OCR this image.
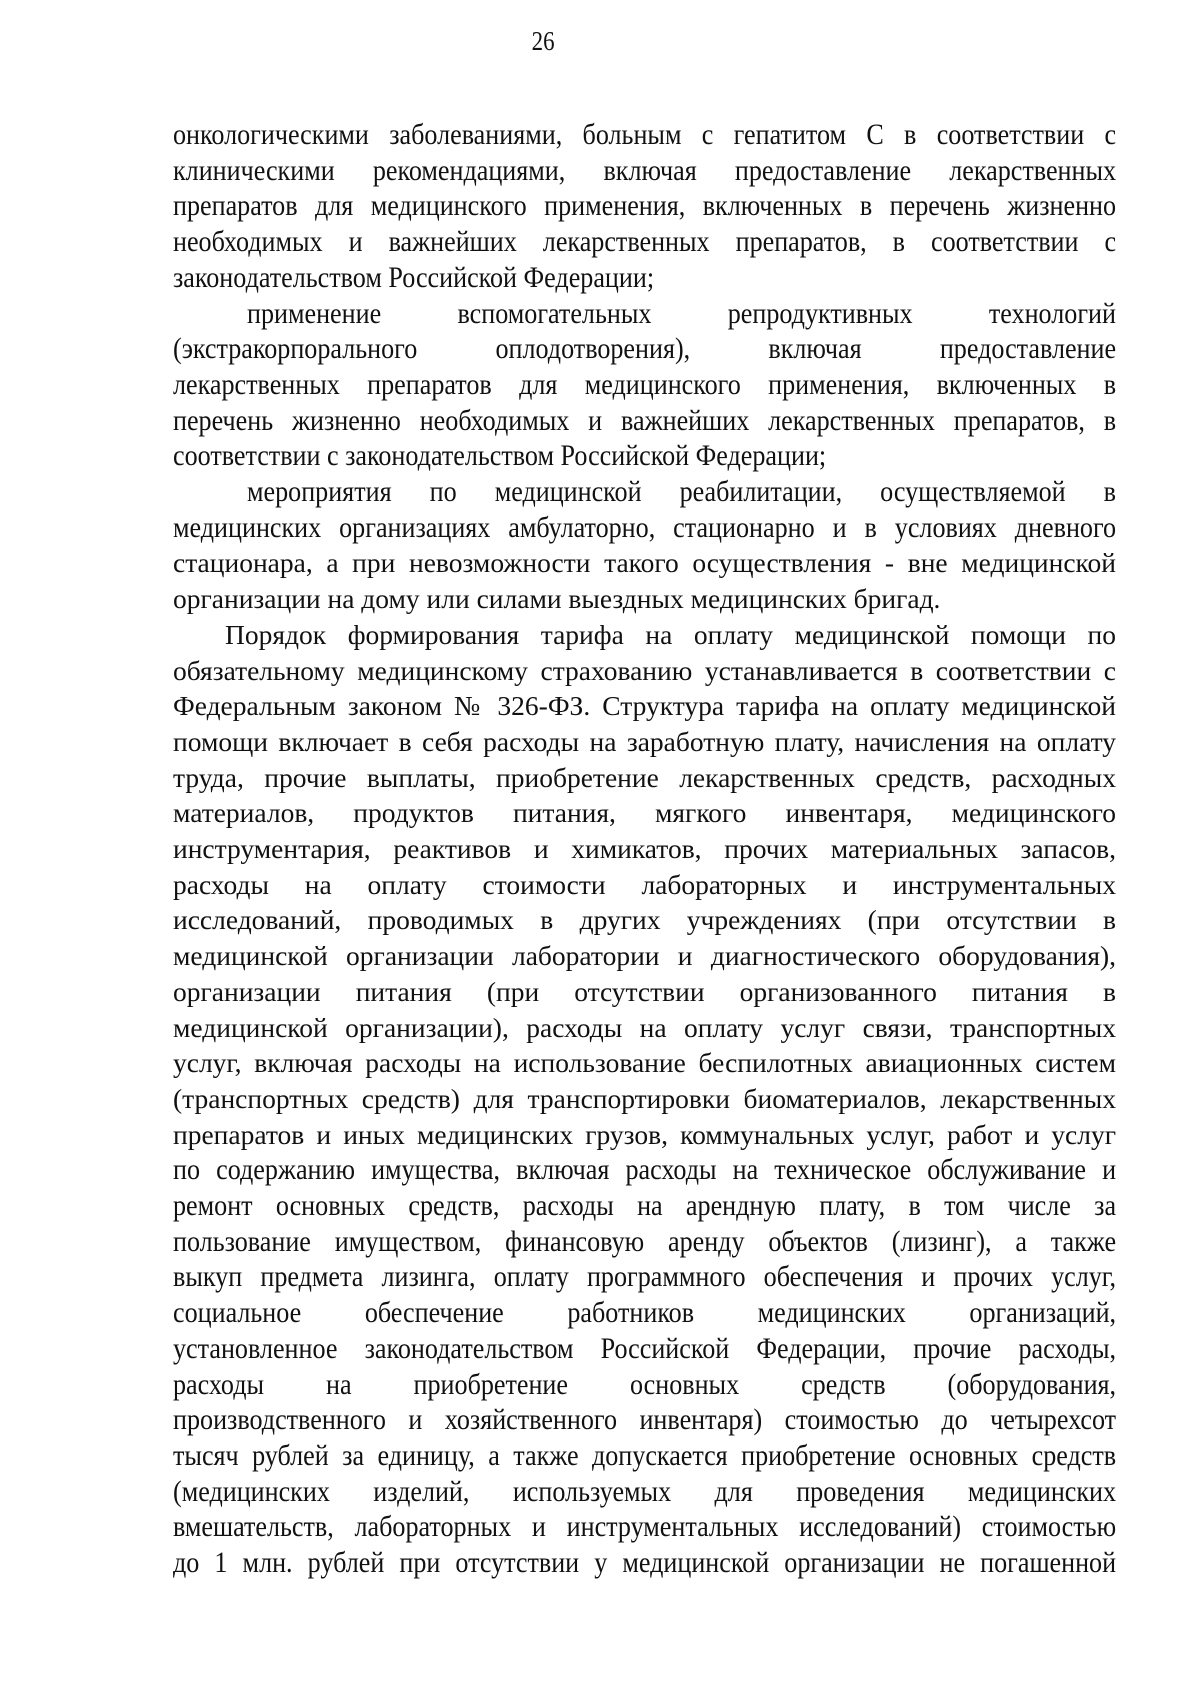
26
онкологическими заболеваниями, больным с гепатитом С в соответствии с
клиническими рекомендациями, включая предоставление лекарственных
препаратов для медицинского применения, включенных в перечень жизненно
необходимых и важнейших лекарственных препаратов, в соответствии с
законодательством Российской Федерации;
применение вспомогательных репродуктивных технологий
(экстракорпорального оплодотворения), включая предоставление
лекарственных препаратов для медицинского применения, включенных в
перечень жизненно необходимых и важнейших лекарственных препаратов, в
соответствии с законодательством Российской Федерации;
мероприятия по медицинской реабилитации, осуществляемой в
медицинских организациях амбулаторно, стационарно и в условиях дневного
стационара, а при невозможности такого осуществления - вне медицинской
организации на дому или силами выездных медицинских бригад.
Порядок формирования тарифа на оплату медицинской помощи по
обязательному медицинскому страхованию устанавливается в соответствии с
Федеральным законом № 326-ФЗ. Структура тарифа на оплату медицинской
помощи включает в себя расходы на заработную плату, начисления на оплату
труда, прочие выплаты, приобретение лекарственных средств, расходных
материалов, продуктов питания, мягкого инвентаря, медицинского
инструментария, реактивов и химикатов, прочих материальных запасов,
расходы на оплату стоимости лабораторных и инструментальных
исследований, проводимых в других учреждениях (при отсутствии в
медицинской организации лаборатории и диагностического оборудования),
организации питания (при отсутствии организованного питания в
медицинской организации), расходы на оплату услуг связи, транспортных
услуг, включая расходы на использование беспилотных авиационных систем
(транспортных средств) для транспортировки биоматериалов, лекарственных
препаратов и иных медицинских грузов, коммунальных услуг, работ и услуг
по содержанию имущества, включая расходы на техническое обслуживание и
ремонт основных средств, расходы на арендную плату, в том числе за
пользование имуществом, финансовую аренду объектов (лизинг), а также
выкуп предмета лизинга, оплату программного обеспечения и прочих услуг,
социальное обеспечение работников медицинских организаций,
установленное законодательством Российской Федерации, прочие расходы,
расходы на приобретение основных средств (оборудования,
производственного и хозяйственного инвентаря) стоимостью до четырехсот
тысяч рублей за единицу, а также допускается приобретение основных средств
(медицинских изделий, используемых для проведения медицинских
вмешательств, лабораторных и инструментальных исследований) стоимостью
до 1 млн. рублей при отсутствии у медицинской организации не погашенной
